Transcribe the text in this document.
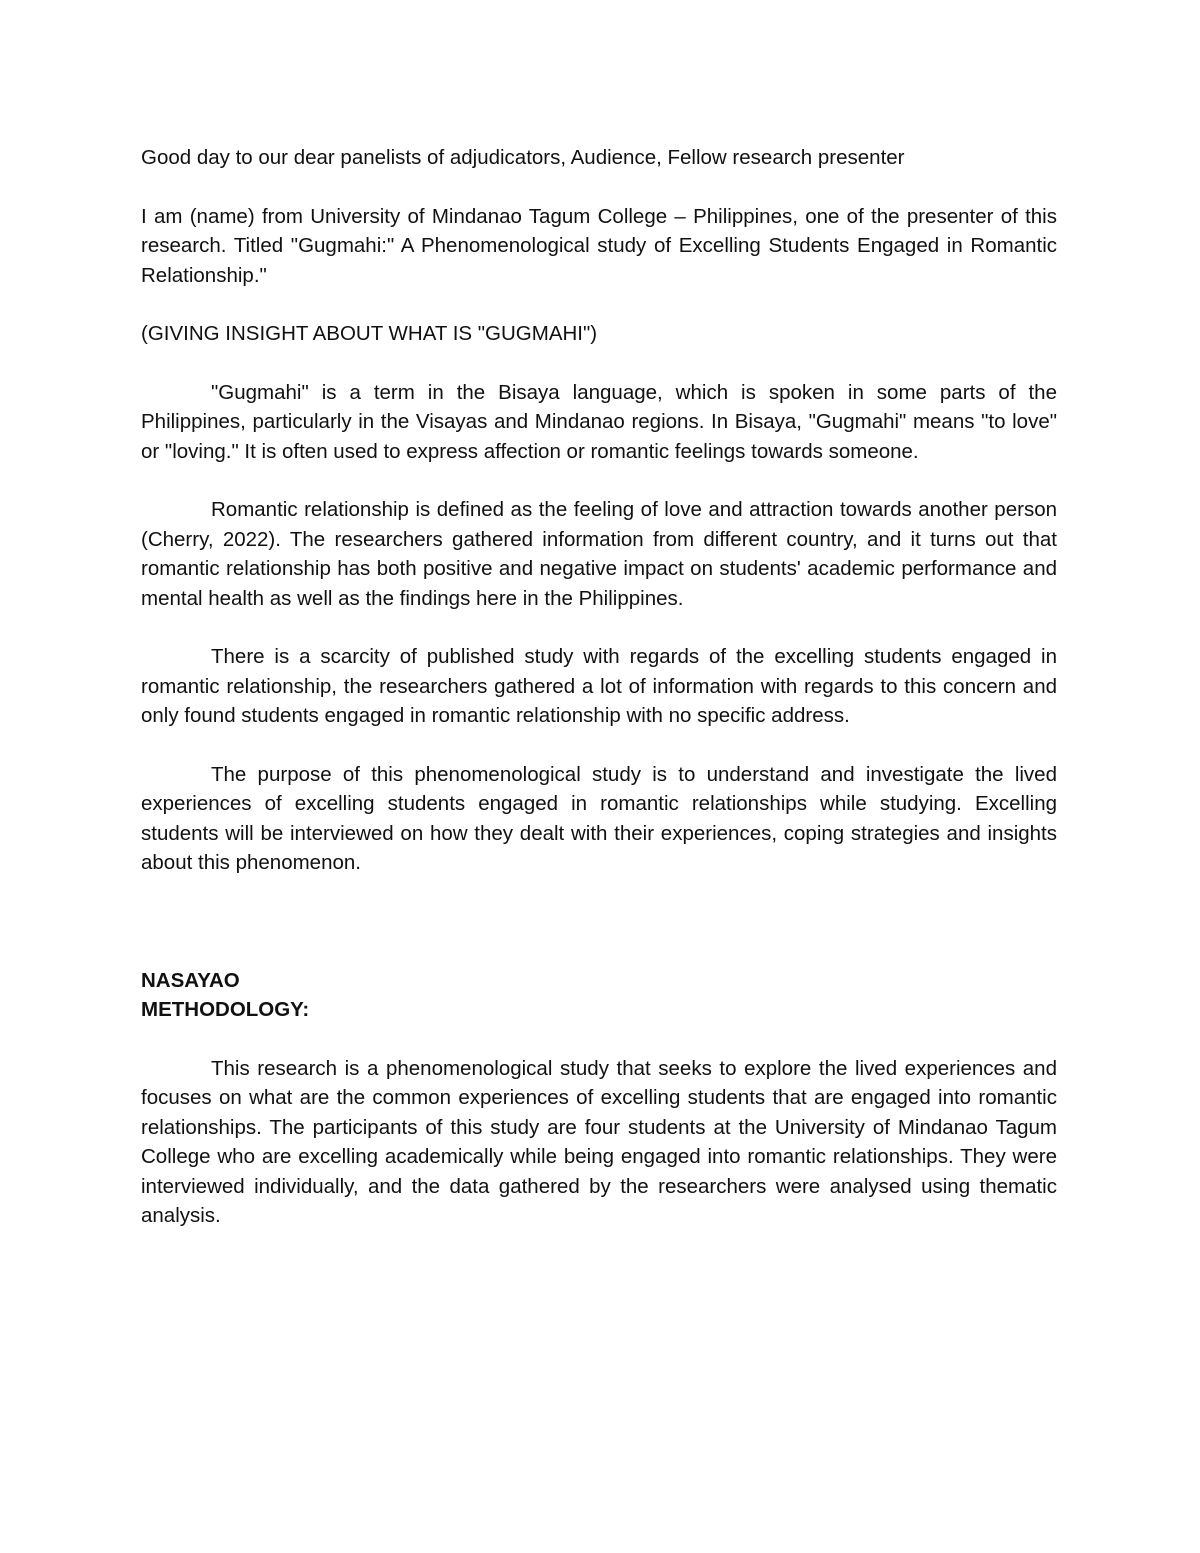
Good day to our dear panelists of adjudicators, Audience, Fellow research presenter

I am (name) from University of Mindanao Tagum College – Philippines, one of the presenter of this research. Titled "Gugmahi:" A Phenomenological study of Excelling Students Engaged in Romantic Relationship."

(GIVING INSIGHT ABOUT WHAT IS "GUGMAHI")

"Gugmahi" is a term in the Bisaya language, which is spoken in some parts of the Philippines, particularly in the Visayas and Mindanao regions. In Bisaya, "Gugmahi" means "to love" or "loving." It is often used to express affection or romantic feelings towards someone.

Romantic relationship is defined as the feeling of love and attraction towards another person (Cherry, 2022). The researchers gathered information from different country, and it turns out that romantic relationship has both positive and negative impact on students' academic performance and mental health as well as the findings here in the Philippines.

There is a scarcity of published study with regards of the excelling students engaged in romantic relationship, the researchers gathered a lot of information with regards to this concern and only found students engaged in romantic relationship with no specific address.

The purpose of this phenomenological study is to understand and investigate the lived experiences of excelling students engaged in romantic relationships while studying. Excelling students will be interviewed on how they dealt with their experiences, coping strategies and insights about this phenomenon.

NASAYAO

METHODOLOGY:

This research is a phenomenological study that seeks to explore the lived experiences and focuses on what are the common experiences of excelling students that are engaged into romantic relationships. The participants of this study are four students at the University of Mindanao Tagum College who are excelling academically while being engaged into romantic relationships. They were interviewed individually, and the data gathered by the researchers were analysed using thematic analysis.
